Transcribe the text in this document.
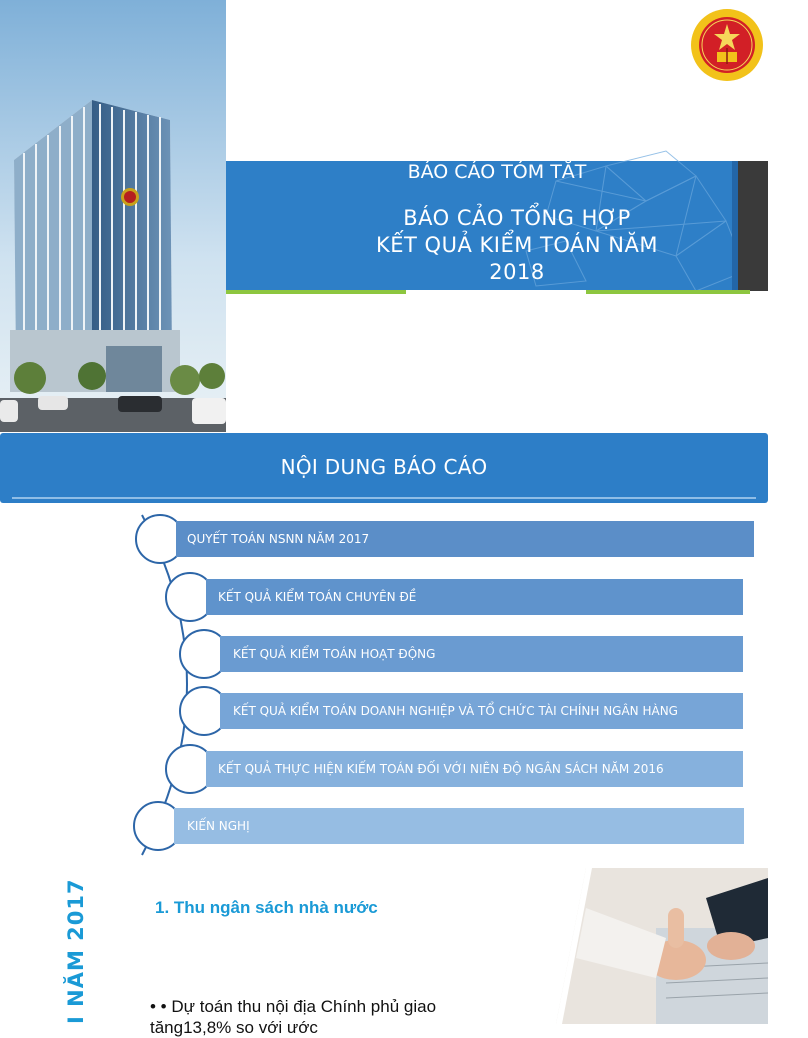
BÁO CÁO TÓM TẮT
BÁO CẢO TỔNG HỢP
KẾT QUẢ KIỂM TOÁN NĂM
2018
NỘI DUNG BÁO CÁO
QUYẾT TOÁN NSNN NĂM 2017
KẾT QUẢ KIỂM TOÁN CHUYÊN ĐỀ
KẾT QUẢ KIỂM TOÁN HOẠT ĐỘNG
KẾT QUẢ KIỂM TOÁN DOANH NGHIỆP VÀ TỔ CHỨC TÀI CHÍNH NGÂN HÀNG
KẾT QUẢ THỰC HIỆN KIẾM TOÁN ĐỐI VỚI NIÊN ĐỘ NGÂN SÁCH NĂM 2016
KIẾN NGHỊ
I NĂM 2017	1. Thu ngân sách nhà nước
• • Dự toán thu nội địa Chính phủ giao tăng13,8% so với ước
